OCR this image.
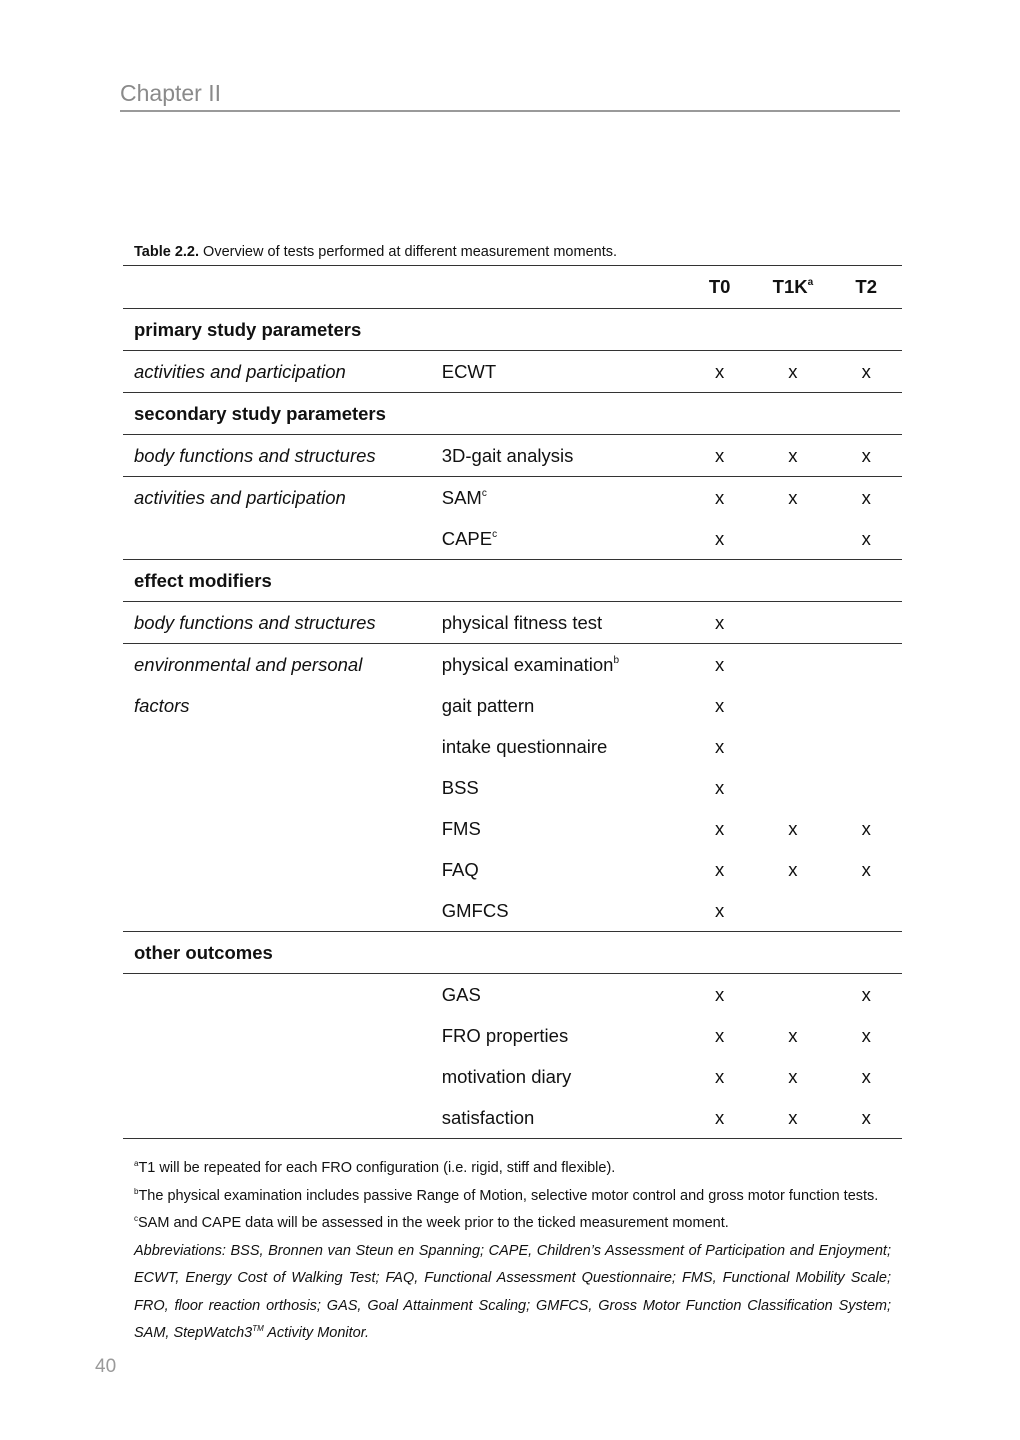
Chapter II
Table 2.2. Overview of tests performed at different measurement moments.
		T0	$T1K^a$	T2
primary study parameters				
activities and participation	ECWT	x	x	x
secondary study parameters				
body functions and structures	3D-gait analysis	x	x	x
activities and participation	SAM$^c$	x	x	x
	CAPE$^c$	x		x
effect modifiers				
body functions and structures	physical fitness test	x		
environmental and personal	physical examination$^b$	x		
factors	gait pattern	x		
	intake questionnaire	x		
	BSS	x		
	FMS	x	x	x
	FAQ	x	x	x
	GMFCS	x		
other outcomes				
	GAS	x		x
	FRO properties	x	x	x
	motivation diary	x	x	x
	satisfaction	x	x	x

$^a$T1 will be repeated for each FRO configuration (i.e. rigid, stiff and flexible).

$^b$The physical examination includes passive Range of Motion, selective motor control and gross motor function tests.

$^c$SAM and CAPE data will be assessed in the week prior to the ticked measurement moment.

Abbreviations: BSS, Bronnen van Steun en Spanning; CAPE, Children’s Assessment of Participation and Enjoyment; ECWT, Energy Cost of Walking Test; FAQ, Functional Assessment Questionnaire; FMS, Functional Mobility Scale; FRO, floor reaction orthosis; GAS, Goal Attainment Scaling; GMFCS, Gross Motor Function Classification System; SAM, StepWatch3™ Activity Monitor.

40
